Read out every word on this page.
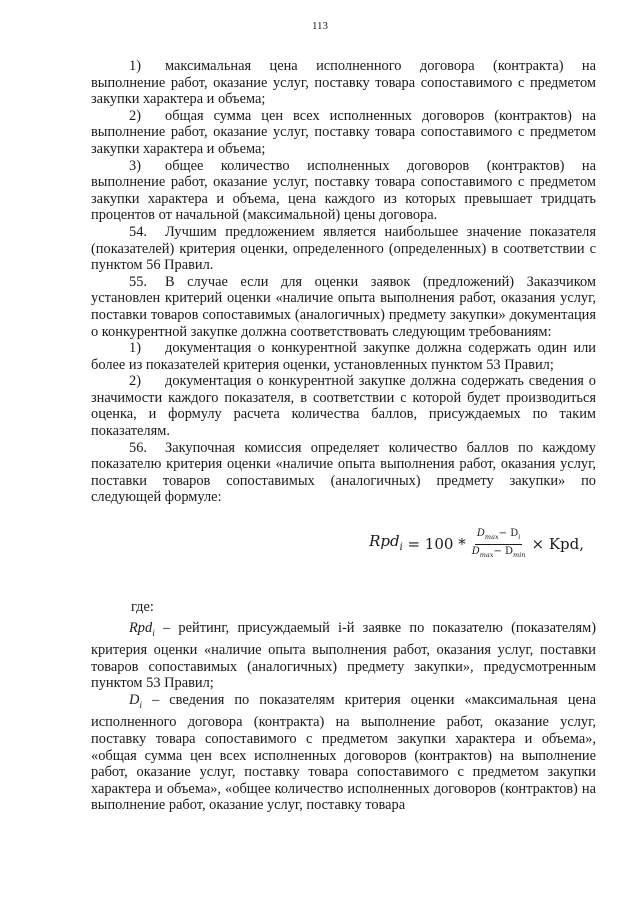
113

1) максимальная цена исполненного договора (контракта) на выполнение работ, оказание услуг, поставку товара сопоставимого с предметом закупки характера и объема;

2) общая сумма цен всех исполненных договоров (контрактов) на выполнение работ, оказание услуг, поставку товара сопоставимого с предметом закупки характера и объема;

3) общее количество исполненных договоров (контрактов) на выполнение работ, оказание услуг, поставку товара сопоставимого с предметом закупки характера и объема, цена каждого из которых превышает тридцать процентов от начальной (максимальной) цены договора.

54. Лучшим предложением является наибольшее значение показателя (показателей) критерия оценки, определенного (определенных) в соответствии с пунктом 56 Правил.

55. В случае если для оценки заявок (предложений) Заказчиком установлен критерий оценки «наличие опыта выполнения работ, оказания услуг, поставки товаров сопоставимых (аналогичных) предмету закупки» документация о конкурентной закупке должна соответствовать следующим требованиям:

1) документация о конкурентной закупке должна содержать один или более из показателей критерия оценки, установленных пунктом 53 Правил;

2) документация о конкурентной закупке должна содержать сведения о значимости каждого показателя, в соответствии с которой будет производиться оценка, и формулу расчета количества баллов, присуждаемых по таким показателям.

56. Закупочная комиссия определяет количество баллов по каждому показателю критерия оценки «наличие опыта выполнения работ, оказания услуг, поставки товаров сопоставимых (аналогичных) предмету закупки» по следующей формуле:

$Rpd_i = 100 * \frac{D_{max}- D_i}{D_{max}- D_{min}}$ × Kpd,

где:

Rpd$_i$ – рейтинг, присуждаемый i-й заявке по показателю (показателям) критерия оценки «наличие опыта выполнения работ, оказания услуг, поставки товаров сопоставимых (аналогичных) предмету закупки», предусмотренным пунктом 53 Правил;

$D_i$ – сведения по показателям критерия оценки «максимальная цена исполненного договора (контракта) на выполнение работ, оказание услуг, поставку товара сопоставимого с предметом закупки характера и объема», «общая сумма цен всех исполненных договоров (контрактов) на выполнение работ, оказание услуг, поставку товара сопоставимого с предметом закупки характера и объема», «общее количество исполненных договоров (контрактов) на выполнение работ, оказание услуг, поставку товара
